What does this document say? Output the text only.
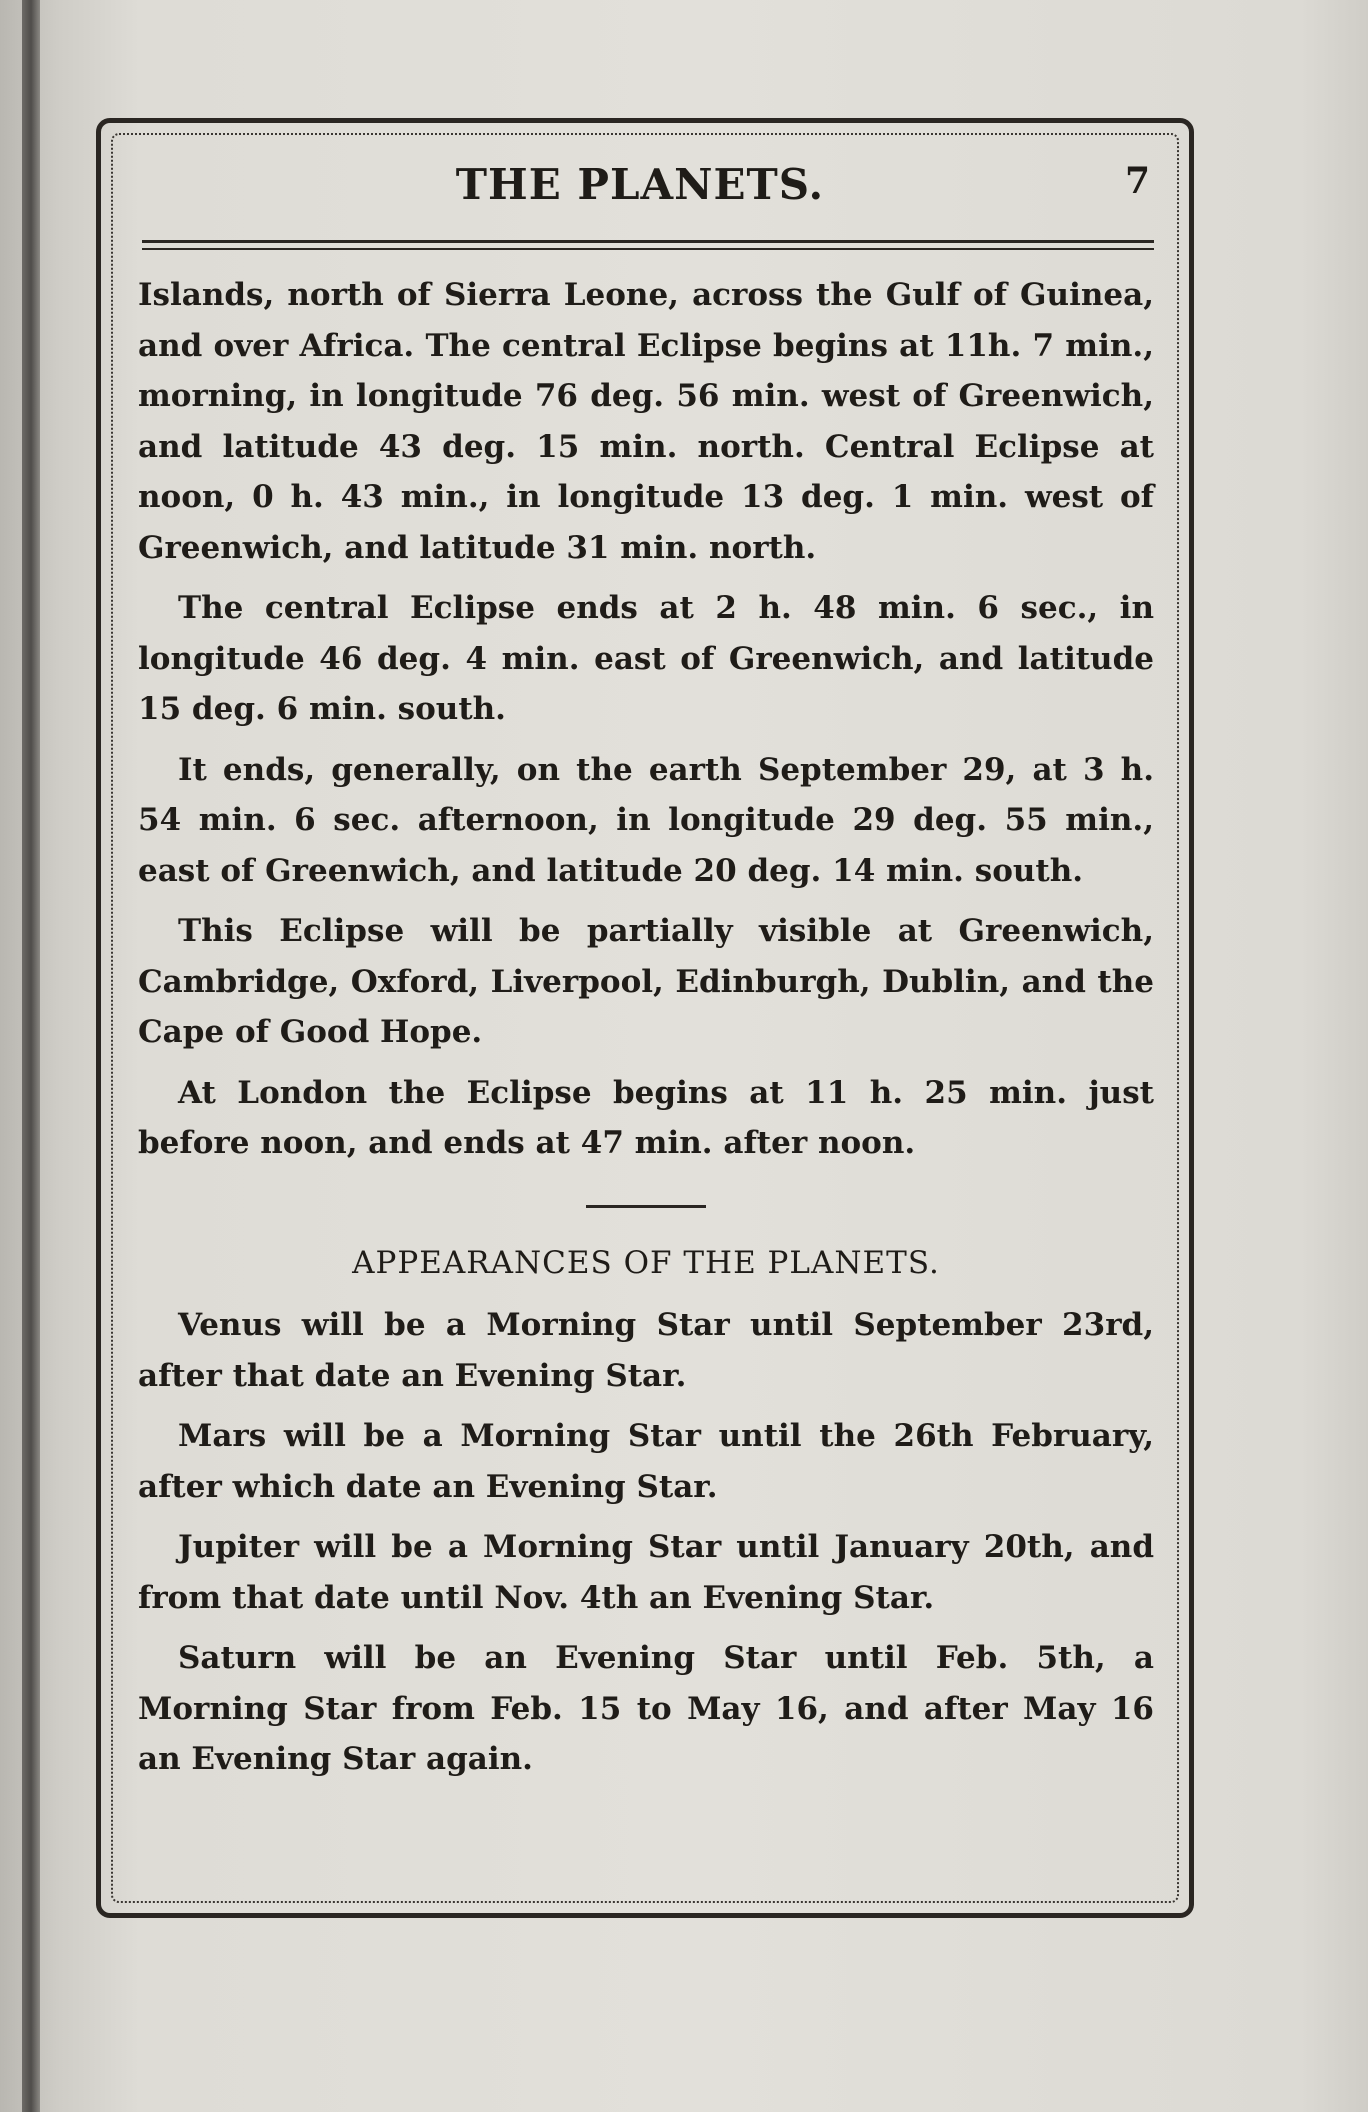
THE PLANETS.	7

Islands, north of Sierra Leone, across the Gulf of Guinea, and over Africa. The central Eclipse begins at 11h. 7 min., morning, in longitude 76 deg. 56 min. west of Greenwich, and latitude 43 deg. 15 min. north. Central Eclipse at noon, 0 h. 43 min., in longitude 13 deg. 1 min. west of Greenwich, and latitude 31 min. north.

The central Eclipse ends at 2 h. 48 min. 6 sec., in longitude 46 deg. 4 min. east of Greenwich, and latitude 15 deg. 6 min. south.

It ends, generally, on the earth September 29, at 3 h. 54 min. 6 sec. afternoon, in longitude 29 deg. 55 min., east of Greenwich, and latitude 20 deg. 14 min. south.

This Eclipse will be partially visible at Greenwich, Cambridge, Oxford, Liverpool, Edinburgh, Dublin, and the Cape of Good Hope.

At London the Eclipse begins at 11 h. 25 min. just before noon, and ends at 47 min. after noon.

APPEARANCES OF THE PLANETS.

Venus will be a Morning Star until September 23rd, after that date an Evening Star.

Mars will be a Morning Star until the 26th February, after which date an Evening Star.

Jupiter will be a Morning Star until January 20th, and from that date until Nov. 4th an Evening Star.

Saturn will be an Evening Star until Feb. 5th, a Morning Star from Feb. 15 to May 16, and after May 16 an Evening Star again.
